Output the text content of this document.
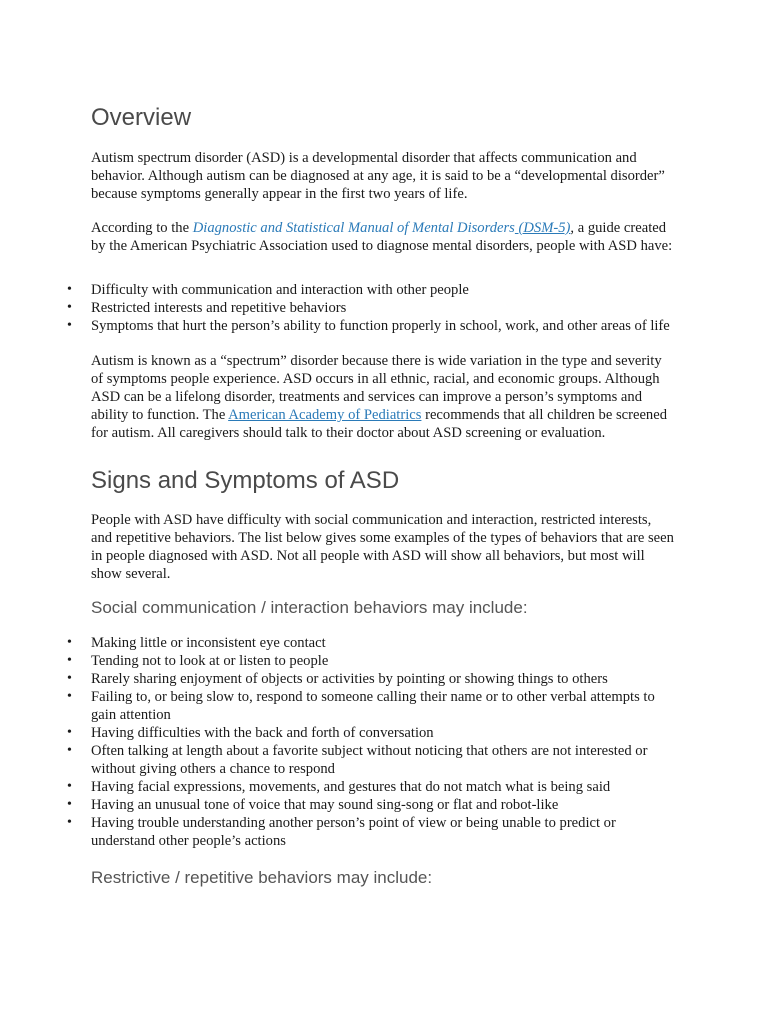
Overview

Autism spectrum disorder (ASD) is a developmental disorder that affects communication and behavior. Although autism can be diagnosed at any age, it is said to be a “developmental disorder” because symptoms generally appear in the first two years of life.

According to the Diagnostic and Statistical Manual of Mental Disorders (DSM-5), a guide created by the American Psychiatric Association used to diagnose mental disorders, people with ASD have:

• Difficulty with communication and interaction with other people
• Restricted interests and repetitive behaviors
• Symptoms that hurt the person’s ability to function properly in school, work, and other areas of life

Autism is known as a “spectrum” disorder because there is wide variation in the type and severity of symptoms people experience. ASD occurs in all ethnic, racial, and economic groups. Although ASD can be a lifelong disorder, treatments and services can improve a person’s symptoms and ability to function. The American Academy of Pediatrics recommends that all children be screened for autism. All caregivers should talk to their doctor about ASD screening or evaluation.

Signs and Symptoms of ASD

People with ASD have difficulty with social communication and interaction, restricted interests, and repetitive behaviors. The list below gives some examples of the types of behaviors that are seen in people diagnosed with ASD. Not all people with ASD will show all behaviors, but most will show several.

Social communication / interaction behaviors may include:
• Making little or inconsistent eye contact
• Tending not to look at or listen to people
• Rarely sharing enjoyment of objects or activities by pointing or showing things to others
• Failing to, or being slow to, respond to someone calling their name or to other verbal attempts to gain attention
• Having difficulties with the back and forth of conversation
• Often talking at length about a favorite subject without noticing that others are not interested or without giving others a chance to respond
• Having facial expressions, movements, and gestures that do not match what is being said
• Having an unusual tone of voice that may sound sing-song or flat and robot-like
• Having trouble understanding another person’s point of view or being unable to predict or understand other people’s actions
Restrictive / repetitive behaviors may include:
